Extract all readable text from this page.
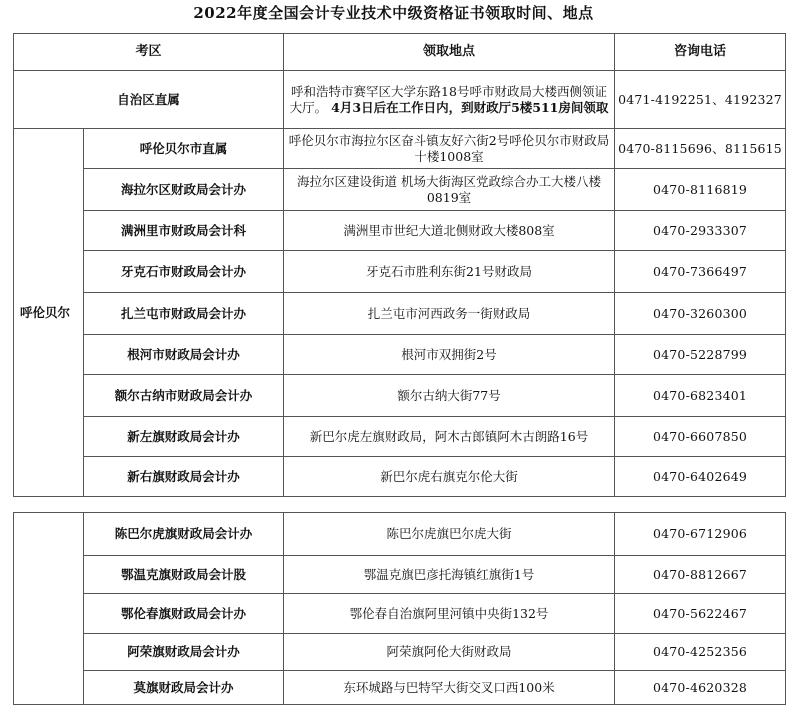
2022年度全国会计专业技术中级资格证书领取时间、地点
考区		领取地点	咨询电话
自治区直属		呼和浩特市赛罕区大学东路18号呼市财政局大楼西侧领证大厅。 4月3日后在工作日内，到财政厅5楼511房间领取	0471-4192251、4192327
呼伦贝尔	呼伦贝尔市直属	呼伦贝尔市海拉尔区奋斗镇友好六街2号呼伦贝尔市财政局十楼1008室	0470-8115696、8115615
	海拉尔区财政局会计办	海拉尔区建设街道 机场大街海区党政综合办工大楼八楼0819室	0470-8116819
	满洲里市财政局会计科	满洲里市世纪大道北侧财政大楼808室	0470-2933307
	牙克石市财政局会计办	牙克石市胜利东街21号财政局	0470-7366497
	扎兰屯市财政局会计办	扎兰屯市河西政务一街财政局	0470-3260300
	根河市财政局会计办	根河市双拥街2号	0470-5228799
	额尔古纳市财政局会计办	额尔古纳大街77号	0470-6823401
	新左旗财政局会计办	新巴尔虎左旗财政局，阿木古郎镇阿木古朗路16号	0470-6607850
	新右旗财政局会计办	新巴尔虎右旗克尔伦大街	0470-6402649
	陈巴尔虎旗财政局会计办	陈巴尔虎旗巴尔虎大街	0470-6712906
	鄂温克旗财政局会计股	鄂温克旗巴彦托海镇红旗街1号	0470-8812667
	鄂伦春旗财政局会计办	鄂伦春自治旗阿里河镇中央街132号	0470-5622467
	阿荣旗财政局会计办	阿荣旗阿伦大街财政局	0470-4252356
	莫旗财政局会计办	东环城路与巴特罕大街交叉口西100米	0470-4620328
